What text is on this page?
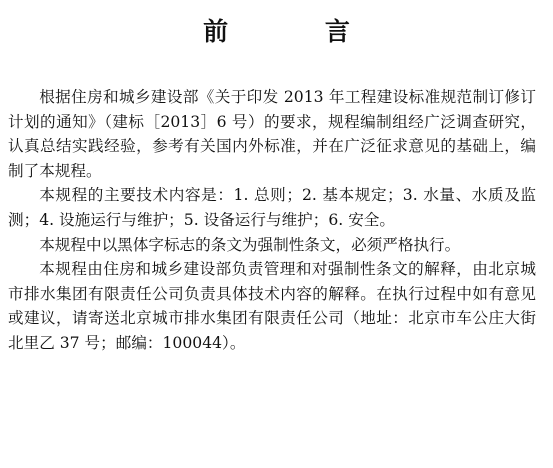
前 言

根据住房和城乡建设部《关于印发 2013 年工程建设标准规范制订修订计划的通知》（建标［2013］6 号）的要求，规程编制组经广泛调查研究，认真总结实践经验，参考有关国内外标准，并在广泛征求意见的基础上，编制了本规程。

本规程的主要技术内容是：1. 总则；2. 基本规定；3. 水量、水质及监测；4. 设施运行与维护；5. 设备运行与维护；6. 安全。

本规程中以黑体字标志的条文为强制性条文，必须严格执行。

本规程由住房和城乡建设部负责管理和对强制性条文的解释，由北京城市排水集团有限责任公司负责具体技术内容的解释。在执行过程中如有意见或建议，请寄送北京城市排水集团有限责任公司（地址：北京市车公庄大街北里乙 37 号；邮编：100044）。
